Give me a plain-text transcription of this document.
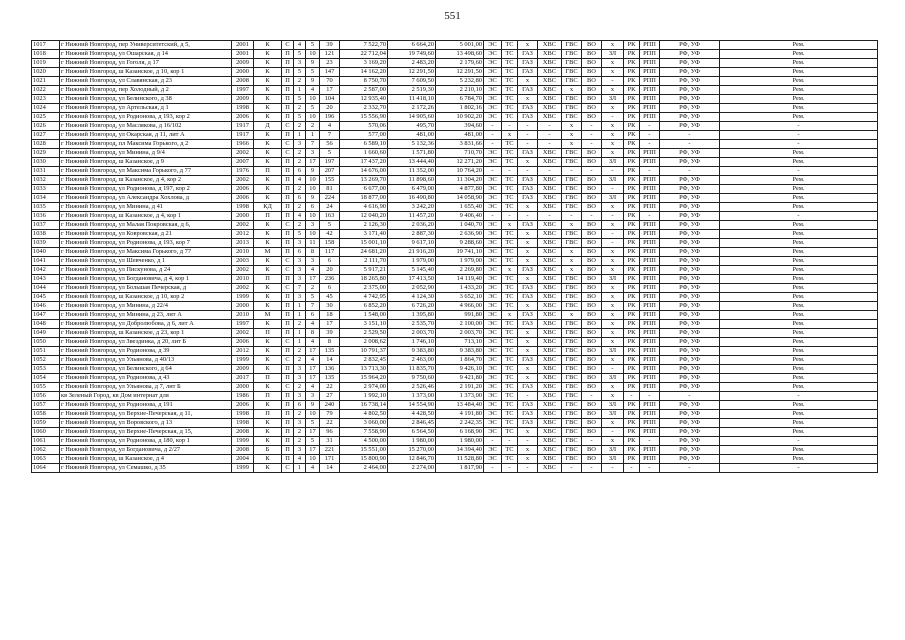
551
1017	г Нижний Новгород, пер Университетский, д 5,	2001	К	С	4	5	39	7 522,70	6 664,20	5 001,00	ЭС	ТС	х	ХВС	ГВС	ВО	х	РК	РПП	РФ, УФ	Рем.
1018	г Нижний Новгород, ул Ошарская, д 14	2001	К	П	5	10	121	22 712,04	19 749,60	13 498,60	ЭС	ТС	ГАЗ	ХВС	ГВС	ВО	ЗЛ	РК	РПП	РФ, УФ	Рем.
1019	г Нижний Новгород, ул Гоголя, д 17	2009	К	П	3	9	23	3 169,20	2 483,20	2 179,60	ЭС	ТС	ГАЗ	ХВС	ГВС	ВО	х	РК	РПП	РФ, УФ	Рем.
1020	г Нижний Новгород, ш Казанское, д 10, кор 1	2000	К	П	5	5	147	14 162,20	12 291,50	12 291,50	ЭС	ТС	ГАЗ	ХВС	ГВС	ВО	х	РК	РПП	РФ, УФ	Рем.
1021	г Нижний Новгород, ул Славянская, д 23	2008	К	П	2	9	70	8 750,70	7 609,50	5 232,80	ЭС	ТС	х	ХВС	ГВС	ВО	-	РК	РПП	РФ, УФ	Рем.
1022	г Нижний Новгород, пер Холодный, д 2	1997	К	П	1	4	17	2 587,00	2 519,30	2 210,10	ЭС	ТС	ГАЗ	ХВС	х	ВО	х	РК	РПП	РФ, УФ	Рем.
1023	г Нижний Новгород, ул Белинского, д 38	2009	К	П	5	10	104	12 935,40	11 418,10	6 784,70	ЭС	ТС	х	ХВС	ГВС	ВО	ЗЛ	РК	РПП	РФ, УФ	Рем.
1024	г Нижний Новгород, ул Артельская, д 1	1998	К	П	2	5	20	2 332,70	2 172,26	1 802,16	ЭС	ТС	ГАЗ	ХВС	ГВС	ВО	х	РК	РПП	РФ, УФ	Рем.
1025	г Нижний Новгород, ул Родионова, д 193, кор 2	2006	К	П	5	10	196	15 556,90	14 905,60	10 902,20	ЭС	ТС	ГАЗ	ХВС	ГВС	ВО	-	РК	РПП	РФ, УФ	Рем.
1026	г Нижний Новгород, ул Маслякова, д 16/102	1917	Д	С	2	2	4	570,06	495,70	394,60	-	-	-	-	х	-	х	РК	-	РФ, УФ	-
1027	г Нижний Новгород, ул Окарская, д 11, лит А	1917	К	П	1	1	7	577,00	481,00	481,00	-	х	-	-	х	-	х	РК	-	-	-
1028	г Нижний Новгород, пл Максима Горького, д 2	1966	К	С	3	7	56	6 589,10	5 132,36	3 831,66	-	ТС	-	-	х	-	х	РК	-	-	-
1029	г Нижний Новгород, ул Минина, д 9/4	2002	К	С	2	3	5	1 660,60	1 571,80	710,70	ЭС	ТС	ГАЗ	ХВС	ГВС	ВО	х	РК	РПП	РФ, УФ	Рем.
1030	г Нижний Новгород, ш Казанское, д 9	2007	К	П	2	17	197	17 437,20	13 444,40	12 271,20	ЭС	ТС	х	ХВС	ГВС	ВО	ЗЛ	РК	РПП	РФ, УФ	Рем.
1031	г Нижний Новгород, ул Максима Горького, д 77	1976	П	П	6	9	207	14 676,00	11 352,00	10 764,20	-	-	-	-	-	-	-	РК	-	-	-
1032	г Нижний Новгород, ш Казанское, д 4, кор 2	2002	К	П	4	10	155	13 269,70	11 898,60	11 304,20	ЭС	ТС	ГАЗ	ХВС	ГВС	ВО	ЗЛ	РК	РПП	РФ, УФ	Рем.
1033	г Нижний Новгород, ул Родионова, д 197, кор 2	2006	К	П	2	10	81	6 677,00	6 479,00	4 877,80	ЭС	ТС	ГАЗ	ХВС	ГВС	ВО	-	РК	РПП	РФ, УФ	Рем.
1034	г Нижний Новгород, ул Александра Хохлова, д	2006	К	П	6	9	224	18 877,00	16 490,80	14 058,90	ЭС	ТС	ГАЗ	ХВС	ГВС	ВО	ЗЛ	РК	РПП	РФ, УФ	Рем.
1035	г Нижний Новгород, ул Минина, д 41	1998	КД	П	2	6	24	4 616,90	3 242,20	1 655,40	ЭС	ТС	х	ХВС	ГВС	ВО	х	РК	РПП	РФ, УФ	Рем.
1036	г Нижний Новгород, ш Казанское, д 4, кор 1	2000	П	П	4	10	163	12 040,20	11 457,20	9 406,40	-	-	-	-	-	-	-	РК	-	РФ, УФ	-
1037	г Нижний Новгород, ул Малая Покровская, д 6,	2002	К	С	2	3	5	2 126,30	2 036,20	1 040,70	ЭС	х	ГАЗ	ХВС	х	ВО	х	РК	РПП	РФ, УФ	Рем.
1038	г Нижний Новгород, ул Ковровская, д 21	2012	К	П	5	10	42	3 171,40	2 887,30	2 636,90	ЭС	ТС	х	ХВС	ГВС	ВО	-	РК	РПП	РФ, УФ	Рем.
1039	г Нижний Новгород, ул Родионова, д 193, кор 7	2013	К	П	3	11	158	15 001,10	9 617,10	9 288,60	ЭС	ТС	х	ХВС	ГВС	ВО	-	РК	РПП	РФ, УФ	Рем.
1040	г Нижний Новгород, ул Максима Горького, д 77	2010	М	П	6	8	117	24 681,20	21 916,20	19 741,10	ЭС	ТС	х	ХВС	х	ВО	х	РК	РПП	РФ, УФ	Рем.
1041	г Нижний Новгород, ул Шевченко, д 1	2003	К	С	3	3	6	2 111,70	1 979,00	1 979,00	ЭС	ТС	х	ХВС	х	ВО	х	РК	РПП	РФ, УФ	Рем.
1042	г Нижний Новгород, ул Пискунова, д 24	2002	К	С	3	4	20	5 917,21	5 145,40	2 269,80	ЭС	х	ГАЗ	ХВС	х	ВО	х	РК	РПП	РФ, УФ	Рем.
1043	г Нижний Новгород, ул Богдановича, д 4, кор 1	2010	П	П	3	17	236	18 265,80	17 413,50	14 119,40	ЭС	ТС	х	ХВС	ГВС	ВО	ЗЛ	РК	РПП	РФ, УФ	Рем.
1044	г Нижний Новгород, ул Большая Печерская, д	2002	К	С	7	2	6	2 375,00	2 052,90	1 433,20	ЭС	ТС	ГАЗ	ХВС	ГВС	ВО	х	РК	РПП	РФ, УФ	Рем.
1045	г Нижний Новгород, ш Казанское, д 10, кор 2	1999	К	П	3	5	45	4 742,95	4 124,30	3 652,10	ЭС	ТС	ГАЗ	ХВС	ГВС	ВО	х	РК	РПП	РФ, УФ	Рем.
1046	г Нижний Новгород, ул Минина, д 22/4	2000	К	П	1	7	30	6 852,20	6 726,20	4 966,00	ЭС	ТС	х	ХВС	ГВС	ВО	х	РК	РПП	РФ, УФ	Рем.
1047	г Нижний Новгород, ул Минина, д 23, лит А	2010	М	П	1	6	18	1 548,00	1 395,80	991,80	ЭС	х	ГАЗ	ХВС	х	ВО	х	РК	РПП	РФ, УФ	Рем.
1048	г Нижний Новгород, ул Добролюбова, д 6, лит А	1997	К	П	2	4	17	3 151,10	2 535,70	2 100,00	ЭС	ТС	ГАЗ	ХВС	ГВС	ВО	х	РК	РПП	РФ, УФ	Рем.
1049	г Нижний Новгород, ш Казанское, д 23, кор 1	2002	П	П	1	8	39	2 529,50	2 003,70	2 003,70	ЭС	ТС	х	ХВС	ГВС	ВО	х	РК	РПП	РФ, УФ	Рем.
1050	г Нижний Новгород, ул Звездинка, д 20, лит Б	2006	К	С	1	4	8	2 008,62	1 746,10	713,10	ЭС	ТС	х	ХВС	ГВС	ВО	х	РК	РПП	РФ, УФ	Рем.
1051	г Нижний Новгород, ул Родионова, д 39	2012	К	П	2	17	135	10 791,37	9 383,80	9 383,80	ЭС	ТС	х	ХВС	ГВС	ВО	ЗЛ	РК	РПП	РФ, УФ	Рем.
1052	г Нижний Новгород, ул Ульянова, д 40/13	1999	К	С	2	4	14	2 832,45	2 463,00	1 864,70	ЭС	ТС	ГАЗ	ХВС	ГВС	ВО	х	РК	РПП	РФ, УФ	Рем.
1053	г Нижний Новгород, ул Белинского, д 64	2009	К	П	3	17	136	13 713,30	11 835,70	9 426,10	ЭС	ТС	х	ХВС	ГВС	ВО	-	РК	РПП	РФ, УФ	Рем.
1054	г Нижний Новгород, ул Родионова, д 43	2017	П	П	3	17	135	15 964,20	9 750,60	9 421,80	ЭС	ТС	х	ХВС	ГВС	ВО	ЗЛ	РК	РПП	РФ, УФ	Рем.
1055	г Нижний Новгород, ул Ульянова, д 7, лит Б	2000	К	С	2	4	22	2 974,00	2 526,46	2 191,20	ЭС	ТС	ГАЗ	ХВС	ГВС	ВО	х	РК	РПП	РФ, УФ	Рем.
1056	кв Зеленый Город, кв Дом интернат для	1986	П	П	3	3	27	1 992,10	1 373,00	1 373,00	ЭС	ТС	-	ХВС	ГВС	-	х	-	-	-	-
1057	г Нижний Новгород, ул Родионова, д 191	2006	К	П	6	9	240	16 738,14	14 554,90	13 484,40	ЭС	ТС	ГАЗ	ХВС	ГВС	ВО	ЗЛ	РК	РПП	РФ, УФ	Рем.
1058	г Нижний Новгород, ул Верхне-Печерская, д 11,	1998	П	П	2	10	79	4 802,50	4 428,50	4 191,80	ЭС	ТС	ГАЗ	ХВС	ГВС	ВО	ЗЛ	РК	РПП	РФ, УФ	Рем.
1059	г Нижний Новгород, ул Воровского, д 13	1998	К	П	3	5	22	3 060,00	2 846,45	2 242,35	ЭС	ТС	ГАЗ	ХВС	ГВС	ВО	х	РК	РПП	РФ, УФ	Рем.
1060	г Нижний Новгород, ул Верхне-Печерская, д 15,	2008	К	П	2	17	96	7 558,90	6 564,50	6 168,90	ЭС	ТС	х	ХВС	ГВС	ВО	-	РК	РПП	РФ, УФ	Рем.
1061	г Нижний Новгород, ул Родионова, д 180, кор 1	1999	К	П	2	5	31	4 500,00	1 980,00	1 980,00	-	-	-	ХВС	ГВС	-	х	РК	-	РФ, УФ	-
1062	г Нижний Новгород, ул Богдановича, д 2/27	2008	Б	П	3	17	221	15 551,00	15 270,00	14 394,40	ЭС	ТС	х	ХВС	ГВС	ВО	ЗЛ	РК	РПП	РФ, УФ	Рем.
1063	г Нижний Новгород, ш Казанское, д 4	2004	К	П	4	10	171	15 800,90	12 846,70	11 528,80	ЭС	ТС	х	ХВС	ГВС	ВО	ЗЛ	РК	РПП	РФ, УФ	Рем.
1064	г Нижний Новгород, ул Семашко, д 35	1999	К	С	1	4	14	2 464,00	2 274,00	1 817,90	-	-	-	ХВС	-	-	-	-	-	-	-
